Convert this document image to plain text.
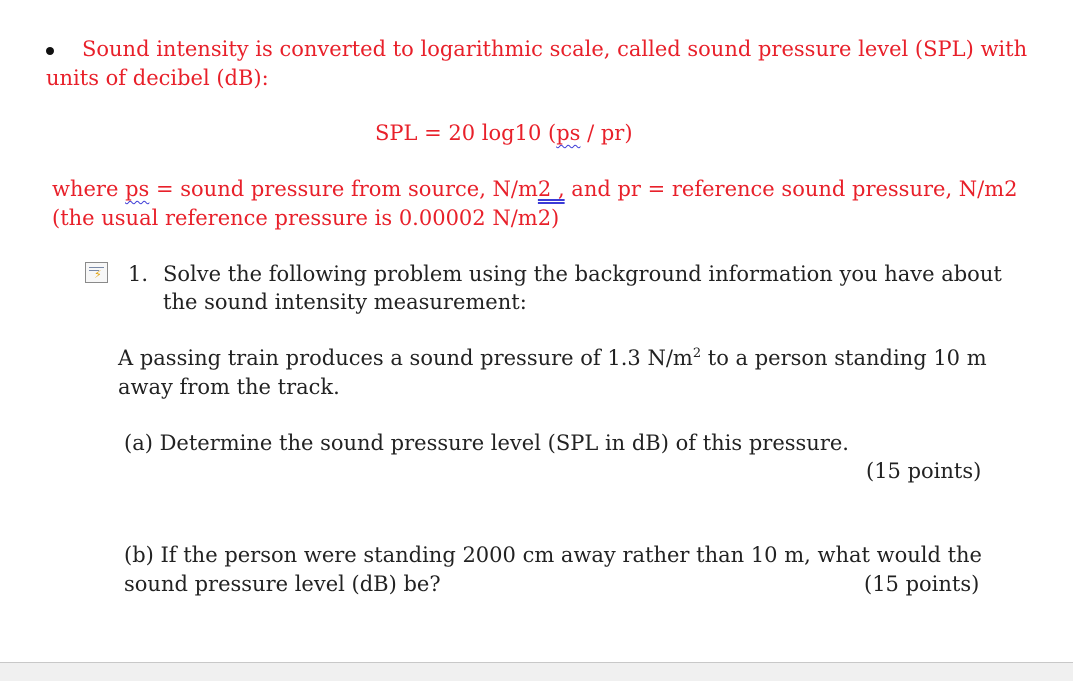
Sound intensity is converted to logarithmic scale, called sound pressure level (SPL) with
units of decibel (dB):
SPL = 20 log10 (ps / pr)
where ps = sound pressure from source, N/m2 , and pr = reference sound pressure, N/m2
(the usual reference pressure is 0.00002 N/m2)
⚡ 1. Solve the following problem using the background information you have about
the sound intensity measurement:
A passing train produces a sound pressure of 1.3 $N/m^2$ to a person standing 10 m
away from the track.
(a) Determine the sound pressure level (SPL in dB) of this pressure.
(15 points)
(b) If the person were standing 2000 cm away rather than 10 m, what would the
sound pressure level (dB) be?	(15 points)
